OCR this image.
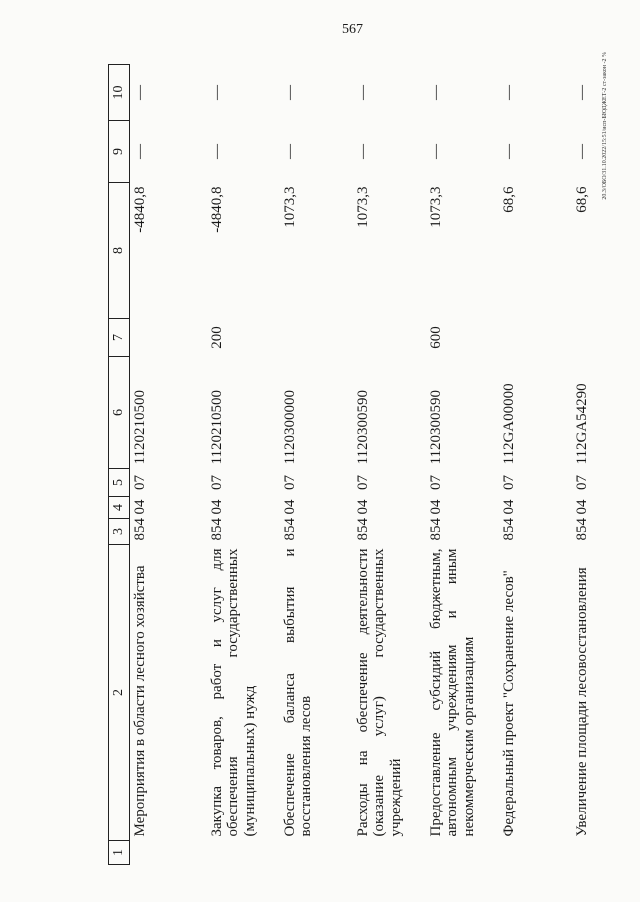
567
20.3/ОБО/31.10.2022/15:51/исп-БЮДЖЕТ-2 ст-закон -2 %
1	2	3	4	5	6	7	8	9	10
	Мероприятия в области лесного хозяйства	854	04	07	1120210500		-4840,8	—	—
	Закупка товаров, работ и услуг для обеспечения государственных (муниципальных) нужд	854	04	07	1120210500	200	-4840,8	—	—
	Обеспечение баланса выбытия и восстановления лесов	854	04	07	1120300000		1073,3	—	—
	Расходы на обеспечение деятельности (оказание услуг) государственных учреждений	854	04	07	1120300590		1073,3	—	—
	Предоставление субсидий бюджетным, автономным учреждениям и иным некоммерческим организациям	854	04	07	1120300590	600	1073,3	—	—
	Федеральный проект "Сохранение лесов"	854	04	07	112GA00000		68,6	—	—
	Увеличение площади лесовосстановления	854	04	07	112GA54290		68,6	—	—
